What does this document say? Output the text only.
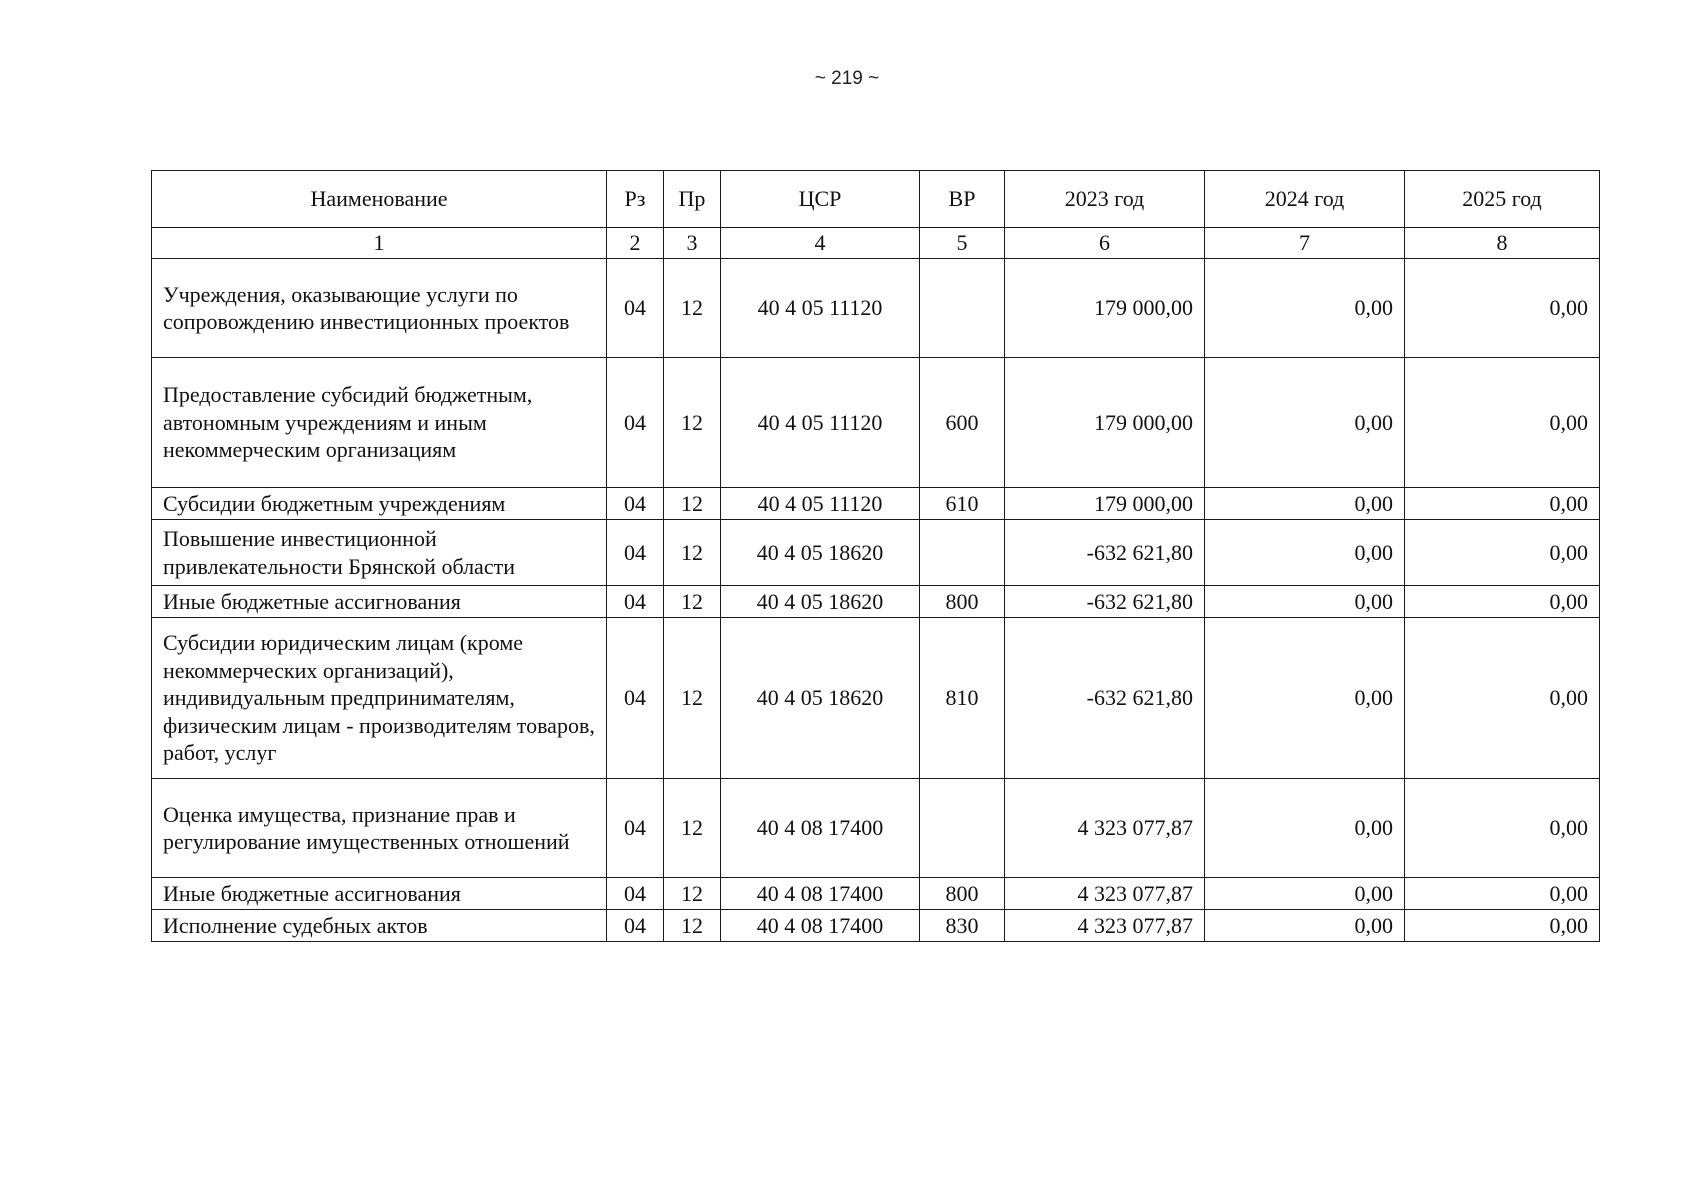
~ 219 ~
Наименование	Рз	Пр	ЦСР	ВР	2023 год	2024 год	2025 год
1	2	3	4	5	6	7	8
Учреждения, оказывающие услуги по сопровождению инвестиционных проектов	04	12	40 4 05 11120		179 000,00	0,00	0,00
Предоставление субсидий бюджетным, автономным учреждениям и иным некоммерческим организациям	04	12	40 4 05 11120	600	179 000,00	0,00	0,00
Субсидии бюджетным учреждениям	04	12	40 4 05 11120	610	179 000,00	0,00	0,00
Повышение инвестиционной привлекательности Брянской области	04	12	40 4 05 18620		-632 621,80	0,00	0,00
Иные бюджетные ассигнования	04	12	40 4 05 18620	800	-632 621,80	0,00	0,00
Субсидии юридическим лицам (кроме некоммерческих организаций), индивидуальным предпринимателям, физическим лицам - производителям товаров, работ, услуг	04	12	40 4 05 18620	810	-632 621,80	0,00	0,00
Оценка имущества, признание прав и регулирование имущественных отношений	04	12	40 4 08 17400		4 323 077,87	0,00	0,00
Иные бюджетные ассигнования	04	12	40 4 08 17400	800	4 323 077,87	0,00	0,00
Исполнение судебных актов	04	12	40 4 08 17400	830	4 323 077,87	0,00	0,00
